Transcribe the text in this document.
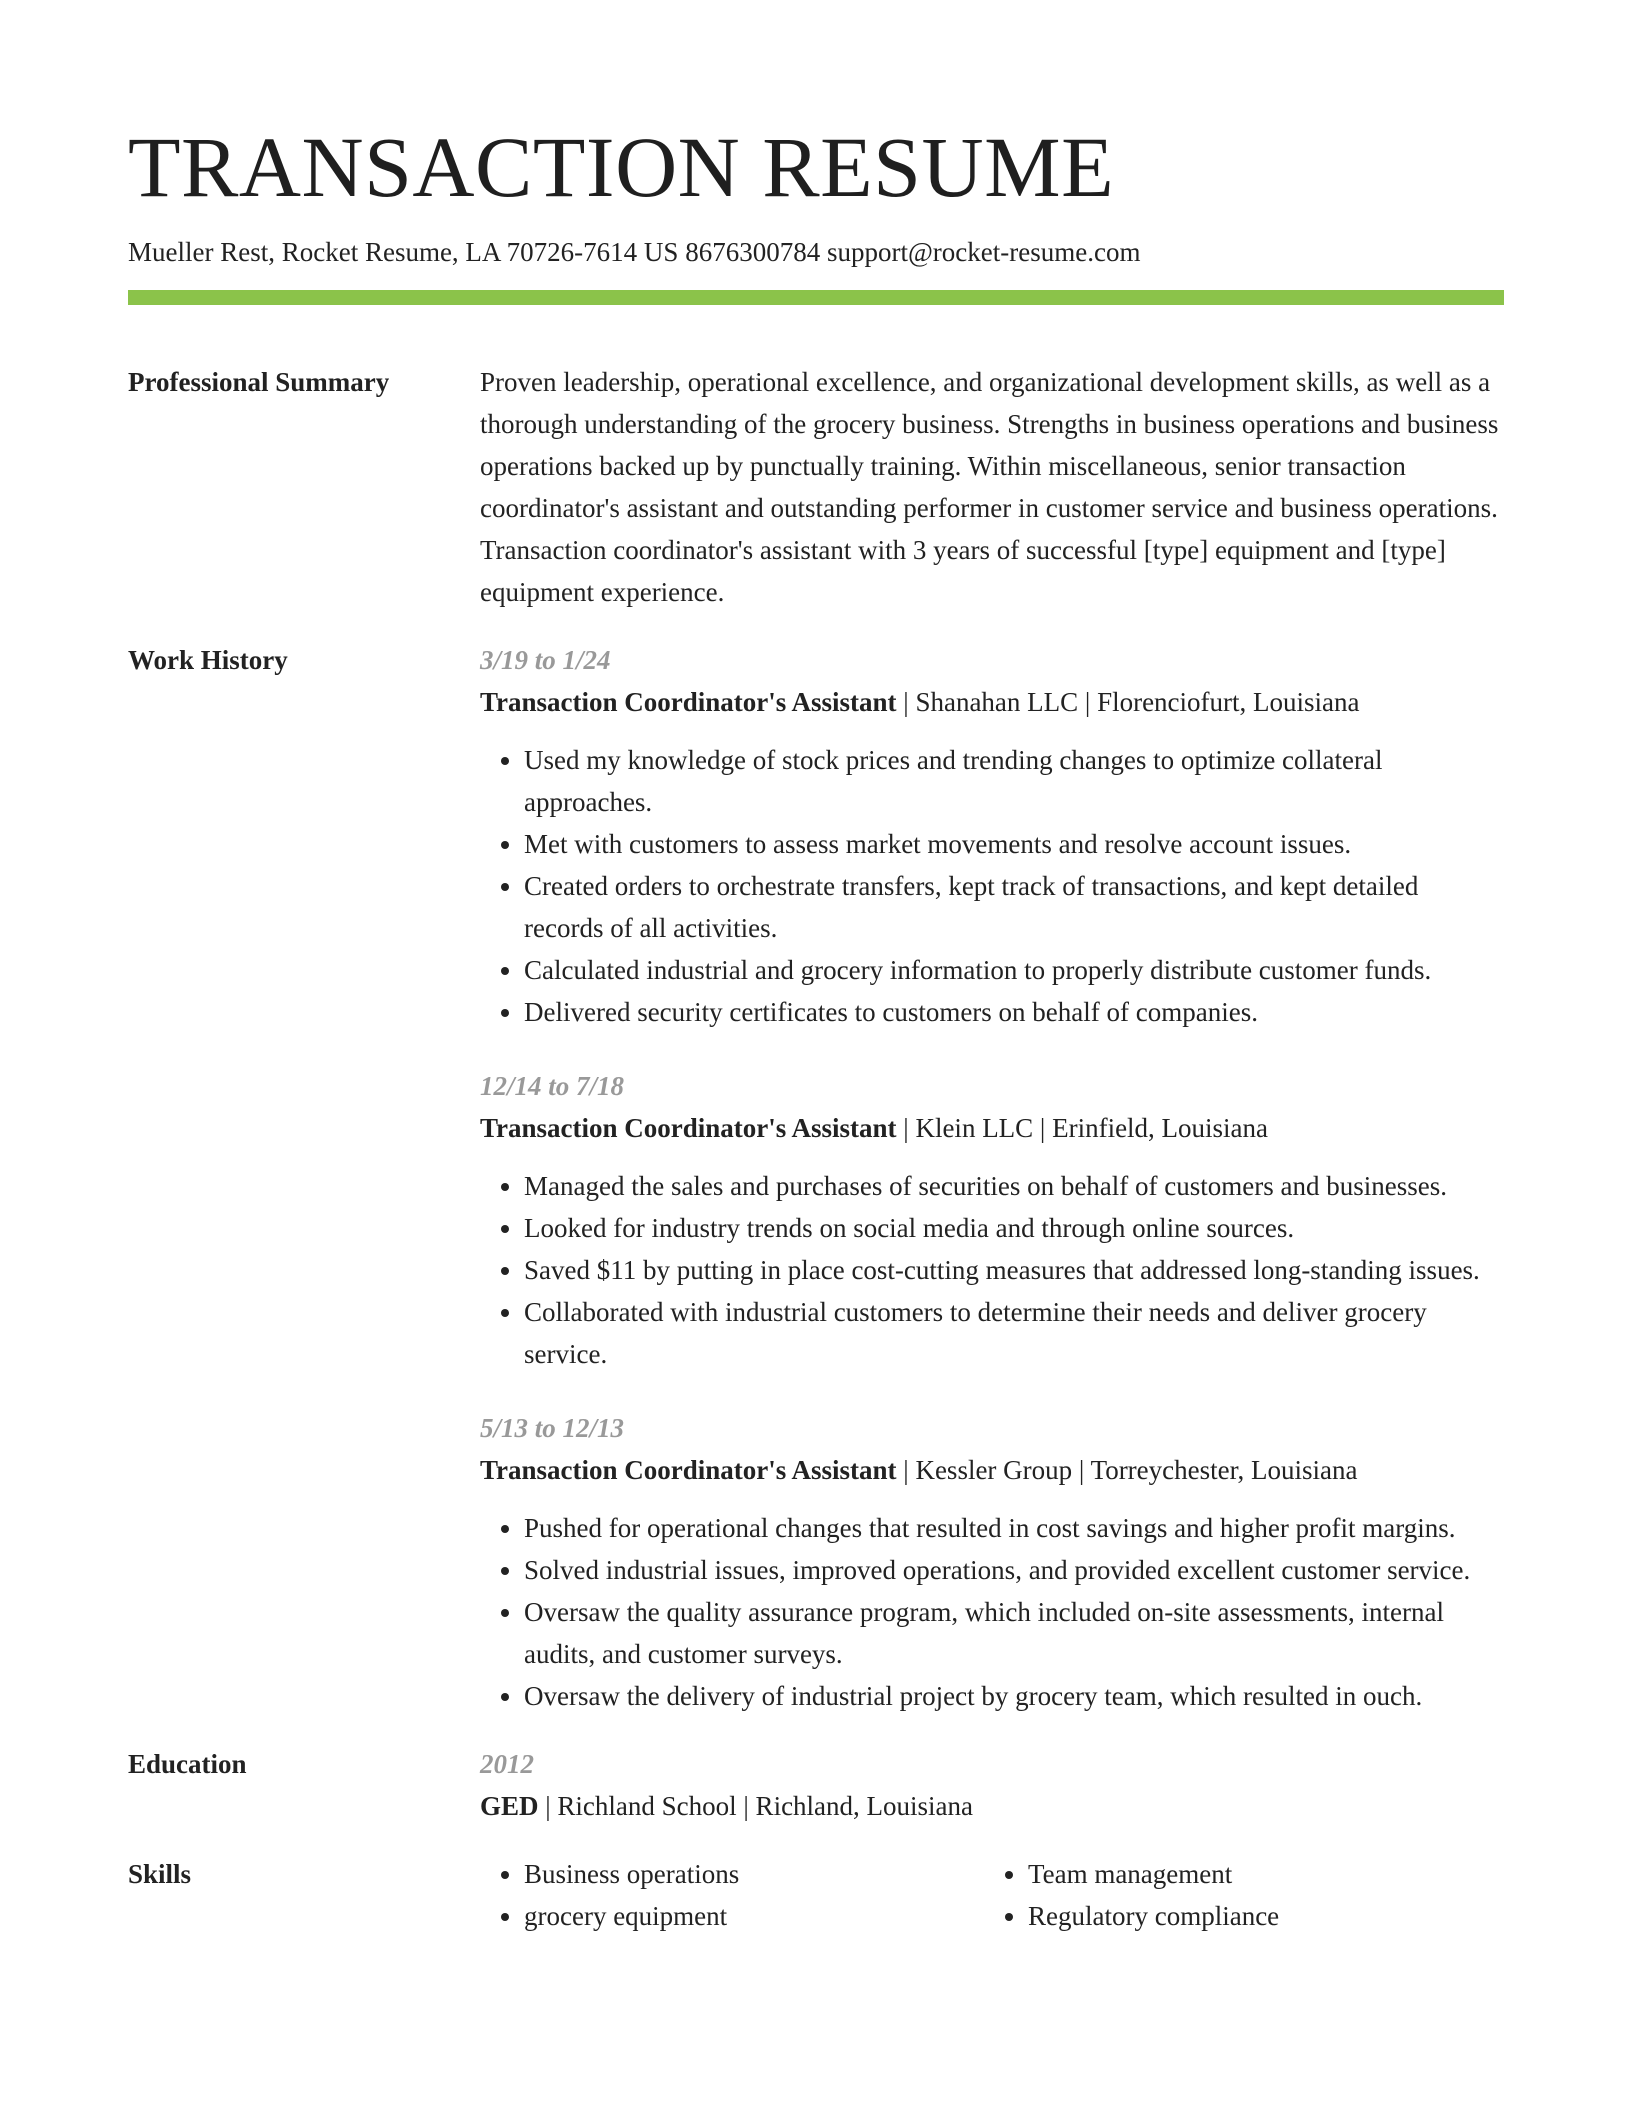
TRANSACTION RESUME
Mueller Rest, Rocket Resume, LA 70726-7614 US 8676300784 support@rocket-resume.com
Professional Summary	Proven leadership, operational excellence, and organizational development skills, as well as a thorough understanding of the grocery business. Strengths in business operations and business operations backed up by punctually training. Within miscellaneous, senior transaction coordinator's assistant and outstanding performer in customer service and business operations. Transaction coordinator's assistant with 3 years of successful [type] equipment and [type] equipment experience.

Work History	3/19 to 1/24
Transaction Coordinator's Assistant | Shanahan LLC | Florenciofurt, Louisiana
• Used my knowledge of stock prices and trending changes to optimize collateral approaches.
• Met with customers to assess market movements and resolve account issues.
• Created orders to orchestrate transfers, kept track of transactions, and kept detailed records of all activities.
• Calculated industrial and grocery information to properly distribute customer funds.
• Delivered security certificates to customers on behalf of companies.
12/14 to 7/18
Transaction Coordinator's Assistant | Klein LLC | Erinfield, Louisiana
• Managed the sales and purchases of securities on behalf of customers and businesses.
• Looked for industry trends on social media and through online sources.
• Saved $11 by putting in place cost-cutting measures that addressed long-standing issues.
• Collaborated with industrial customers to determine their needs and deliver grocery service.
5/13 to 12/13
Transaction Coordinator's Assistant | Kessler Group | Torreychester, Louisiana
• Pushed for operational changes that resulted in cost savings and higher profit margins.
• Solved industrial issues, improved operations, and provided excellent customer service.
• Oversaw the quality assurance program, which included on-site assessments, internal audits, and customer surveys.
• Oversaw the delivery of industrial project by grocery team, which resulted in ouch.
Education	2012
GED | Richland School | Richland, Louisiana
Skills
•	Business operations
• grocery equipment
• Team management
• Regulatory compliance
